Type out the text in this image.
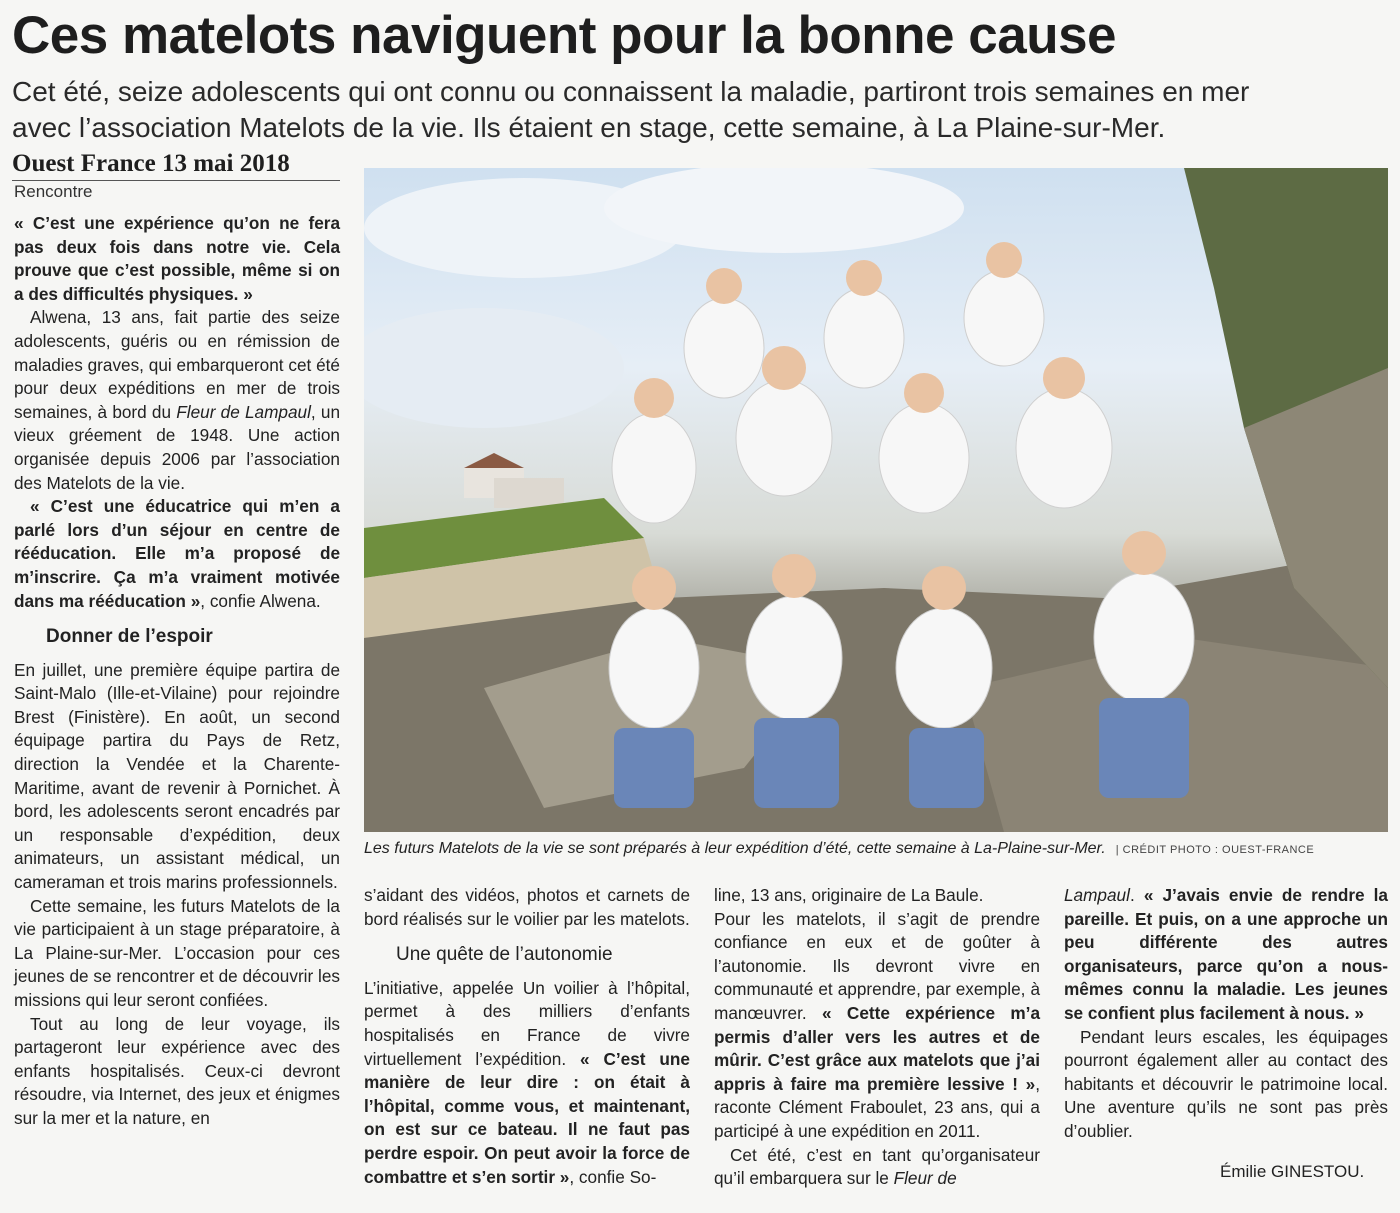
Ces matelots naviguent pour la bonne cause
Cet été, seize adolescents qui ont connu ou connaissent la maladie, partiront trois semaines en mer
avec l’association Matelots de la vie. Ils étaient en stage, cette semaine, à La Plaine-sur-Mer.
Ouest France 13 mai 2018
Rencontre

« C’est une expérience qu’on ne fera pas deux fois dans notre vie. Cela prouve que c’est possible, même si on a des difficultés physiques. »

Alwena, 13 ans, fait partie des seize adolescents, guéris ou en rémission de maladies graves, qui embarqueront cet été pour deux expéditions en mer de trois semaines, à bord du Fleur de Lampaul, un vieux gréement de 1948. Une action organisée depuis 2006 par l’association des Matelots de la vie.

« C’est une éducatrice qui m’en a parlé lors d’un séjour en centre de rééducation. Elle m’a proposé de m’inscrire. Ça m’a vraiment motivée dans ma rééducation », confie Alwena.

Donner de l’espoir

En juillet, une première équipe partira de Saint-Malo (Ille-et-Vilaine) pour rejoindre Brest (Finistère). En août, un second équipage partira du Pays de Retz, direction la Vendée et la Charente-Maritime, avant de revenir à Pornichet. À bord, les adolescents seront encadrés par un responsable d’expédition, deux animateurs, un assistant médical, un cameraman et trois marins professionnels.

Cette semaine, les futurs Matelots de la vie participaient à un stage préparatoire, à La Plaine-sur-Mer. L’occasion pour ces jeunes de se rencontrer et de découvrir les missions qui leur seront confiées.

Tout au long de leur voyage, ils partageront leur expérience avec des enfants hospitalisés. Ceux-ci devront résoudre, via Internet, des jeux et énigmes sur la mer et la nature, en

Les futurs Matelots de la vie se sont préparés à leur expédition d’été, cette semaine à La-Plaine-sur-Mer. | CRÉDIT PHOTO : OUEST-FRANCE

s’aidant des vidéos, photos et carnets de bord réalisés sur le voilier par les matelots.

Une quête de l’autonomie

L’initiative, appelée Un voilier à l’hôpital, permet à des milliers d’enfants hospitalisés en France de vivre virtuellement l’expédition. « C’est une manière de leur dire : on était à l’hôpital, comme vous, et maintenant, on est sur ce bateau. Il ne faut pas perdre espoir. On peut avoir la force de combattre et s’en sortir », confie So-

line, 13 ans, originaire de La Baule.

Pour les matelots, il s’agit de prendre confiance en eux et de goûter à l’autonomie. Ils devront vivre en communauté et apprendre, par exemple, à manœuvrer. « Cette expérience m’a permis d’aller vers les autres et de mûrir. C’est grâce aux matelots que j’ai appris à faire ma première lessive ! », raconte Clément Fraboulet, 23 ans, qui a participé à une expédition en 2011.

Cet été, c’est en tant qu’organisateur qu’il embarquera sur le Fleur de

Lampaul. « J’avais envie de rendre la pareille. Et puis, on a une approche un peu différente des autres organisateurs, parce qu’on a nous-mêmes connu la maladie. Les jeunes se confient plus facilement à nous. »

Pendant leurs escales, les équipages pourront également aller au contact des habitants et découvrir le patrimoine local. Une aventure qu’ils ne sont pas près d’oublier.

Émilie GINESTOU.
